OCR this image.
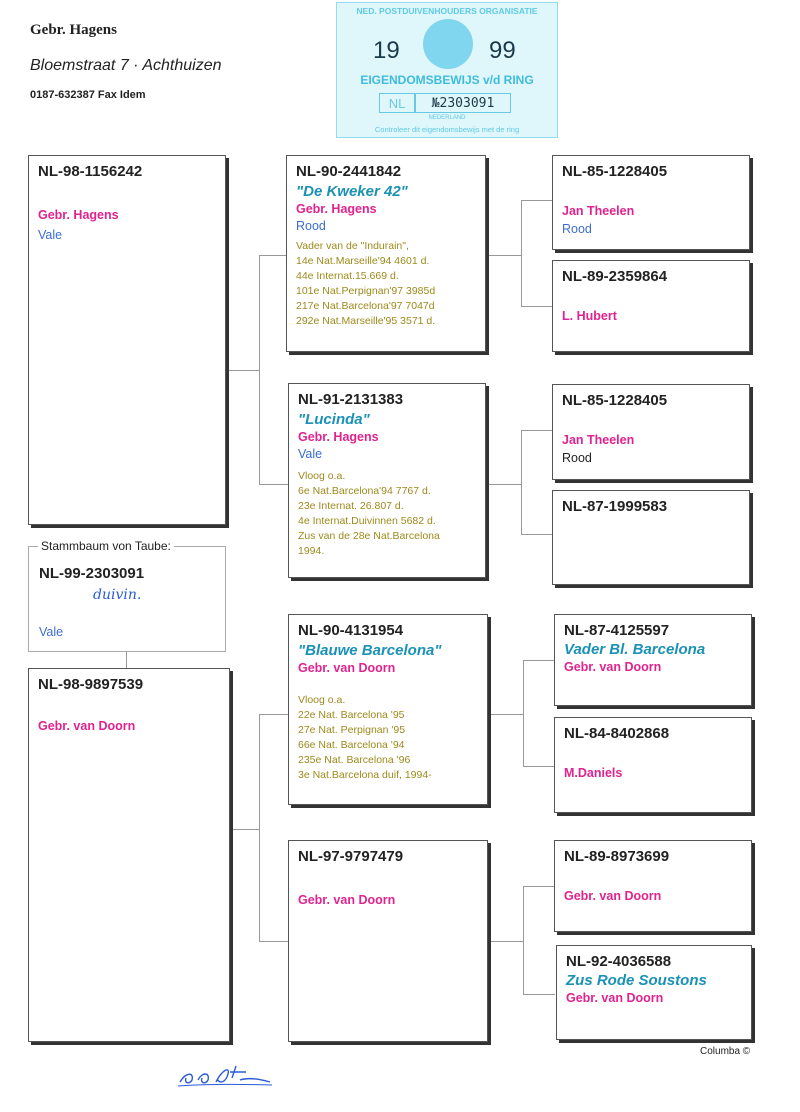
Gebr. Hagens
Bloemstraat 7 · Achthuizen
0187-632387 Fax Idem
NED. POSTDUIVENHOUDERS ORGANISATIE
19	99
EIGENDOMSBEWIJS v/d RING
NL	№2303091
NEDERLAND
Controleer dit eigendomsbewijs met de ring
NL-98-1156242
Gebr. Hagens
Vale
NL-99-2303091
duivin.
Vale
Stammbaum von Taube:
NL-98-9897539
Gebr. van Doorn
NL-90-2441842
"De Kweker 42"
Gebr. Hagens
Rood
Vader van de "Indurain",
14e Nat.Marseille'94 4601 d.
44e Internat.15.669 d.
101e Nat.Perpignan'97 3985d
217e Nat.Barcelona'97 7047d
292e Nat.Marseille'95 3571 d.
NL-91-2131383
"Lucinda"
Gebr. Hagens
Vale
Vloog o.a.
6e Nat.Barcelona'94 7767 d.
23e Internat. 26.807 d.
4e Internat.Duivinnen 5682 d.
Zus van de 28e Nat.Barcelona
1994.
NL-90-4131954
"Blauwe Barcelona"
Gebr. van Doorn
Vloog o.a.
22e Nat. Barcelona '95
27e Nat. Perpignan '95
66e Nat. Barcelona '94
235e Nat. Barcelona '96
3e Nat.Barcelona duif, 1994-
NL-97-9797479
Gebr. van Doorn
NL-85-1228405
Jan Theelen
Rood
NL-89-2359864
L. Hubert
NL-85-1228405
Jan Theelen
Rood
NL-87-1999583
NL-87-4125597
Vader Bl. Barcelona
Gebr. van Doorn
NL-84-8402868
M.Daniels
NL-89-8973699
Gebr. van Doorn
NL-92-4036588
Zus Rode Soustons
Gebr. van Doorn
Columba ©
